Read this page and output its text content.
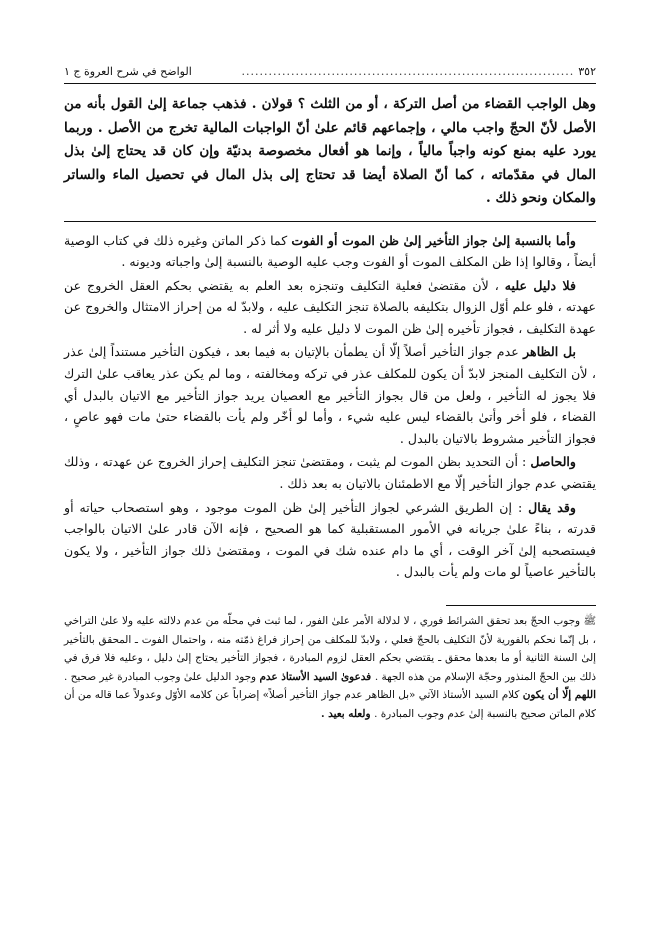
٣٥٢
..........................................................................
الواضح في شرح العروة ج ١

وهل الواجب القضاء من أصل التركة ، أو من الثلث ؟ قولان . فذهب جماعة إلىٰ القول بأنه من الأصل لأنّ الحجّ واجب مالي ، وإجماعهم قائم علىٰ أنّ الواجبات المالية تخرج من الأصل . وربما يورد عليه بمنع كونه واجباً مالياً ، وإنما هو أفعال مخصوصة بدنيّة وإن كان قد يحتاج إلىٰ بذل المال في مقدّماته ، كما أنّ الصلاة أيضا قد تحتاج إلى بذل المال في تحصيل الماء والساتر والمكان ونحو ذلك .

وأما بالنسبة إلىٰ جواز التأخير إلىٰ ظن الموت أو الفوت كما ذكر الماتن وغيره ذلك في كتاب الوصية أيضاً ، وقالوا إذا ظن المكلف الموت أو الفوت وجب عليه الوصية بالنسبة إلىٰ واجباته وديونه .

فلا دليل عليه ، لأن مقتضىٰ فعلية التكليف وتنجزه بعد العلم به يقتضي بحكم العقل الخروج عن عهدته ، فلو علم أوّل الزوال بتكليفه بالصلاة تنجز التكليف عليه ، ولابدّ له من إحراز الامتثال والخروج عن عهدة التكليف ، فجواز تأخيره إلىٰ ظن الموت لا دليل عليه ولا أثر له .

بل الظاهر عدم جواز التأخير أصلاً إلّا أن يطمأن بالإتيان به فيما بعد ، فيكون التأخير مستنداً إلىٰ عذر ، لأن التكليف المنجز لابدّ أن يكون للمكلف عذر في تركه ومخالفته ، وما لم يكن عذر يعاقب علىٰ الترك فلا يجوز له التأخير ، ولعل من قال بجواز التأخير مع العصيان يريد جواز التأخير مع الاتيان بالبدل أي القضاء ، فلو أخر وأتىٰ بالقضاء ليس عليه شيء ، وأما لو أخّر ولم يأت بالقضاء حتىٰ مات فهو عاصٍ ، فجواز التأخير مشروط بالاتيان بالبدل .

والحاصل : أن التحديد بظن الموت لم يثبت ، ومقتضىٰ تنجز التكليف إحراز الخروج عن عهدته ، وذلك يقتضي عدم جواز التأخير إلّا مع الاطمئنان بالاتيان به بعد ذلك .

وقد يقال : إن الطريق الشرعي لجواز التأخير إلىٰ ظن الموت موجود ، وهو استصحاب حياته أو قدرته ، بناءً علىٰ جريانه في الأمور المستقبلية كما هو الصحيح ، فإنه الآن قادر علىٰ الاتيان بالواجب فيستصحبه إلىٰ آخر الوقت ، أي ما دام عنده شك في الموت ، ومقتضىٰ ذلك جواز التأخير ، ولا يكون بالتأخير عاصياً لو مات ولم يأت بالبدل .

ﷺ وجوب الحجّ بعد تحقق الشرائط فوري ، لا لدلالة الأمر علىٰ الفور ، لما ثبت في محلّه من عدم دلالته عليه ولا علىٰ التراخي ، بل إنّما نحكم بالفورية لأنّ التكليف بالحجّ فعلي ، ولابدّ للمكلف من إحراز فراغ ذمّته منه ، واحتمال الفوت ـ المحقق بالتأخير إلىٰ السنة الثانية أو ما بعدها محقق ـ يقتضي بحكم العقل لزوم المبادرة ، فجواز التأخير يحتاج إلىٰ دليل ، وعليه فلا فرق في ذلك بين الحجّ المنذور وحجّة الإسلام من هذه الجهة . فدعوىٰ السيد الأستاذ عدم وجود الدليل علىٰ وجوب المبادرة غير صحيح . اللهم إلّا أن يكون كلام السيد الأستاذ الآتي «بل الظاهر عدم جواز التأخير أصلاً» إضراباً عن كلامه الأوّل وعدولاً عما قاله من أن كلام الماتن صحيح بالنسبة إلىٰ عدم وجوب المبادرة . ولعله بعيد .
